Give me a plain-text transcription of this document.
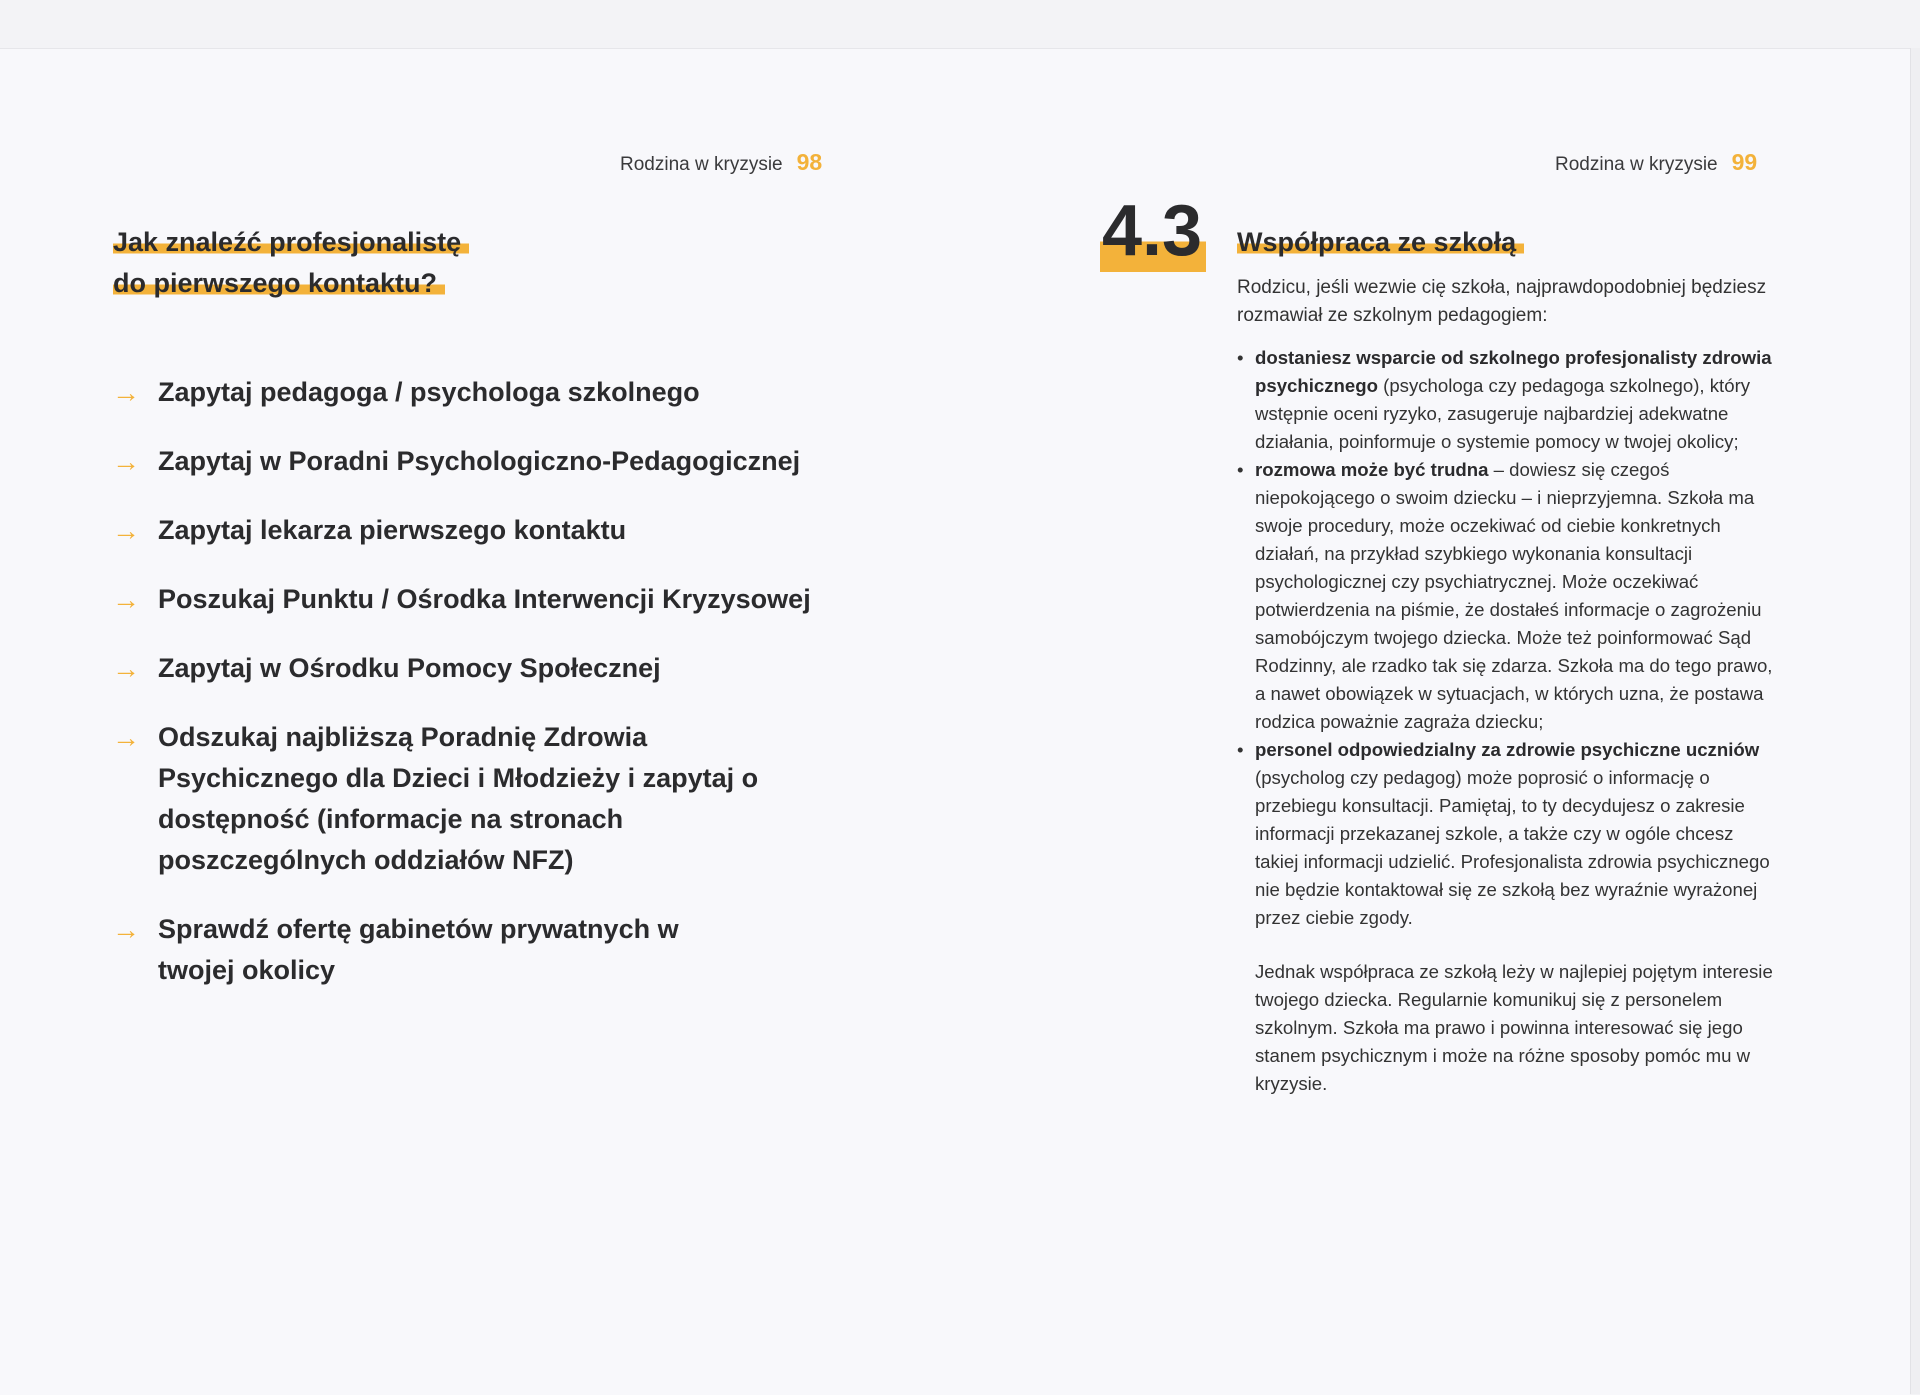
Rodzina w kryzysie 98
Jak znaleźć profesjonalistę
do pierwszego kontaktu?
→ Zapytaj pedagoga / psychologa szkolnego
→ Zapytaj w Poradni Psychologiczno-Pedagogicznej
→ Zapytaj lekarza pierwszego kontaktu
→ Poszukaj Punktu / Ośrodka Interwencji Kryzysowej
→ Zapytaj w Ośrodku Pomocy Społecznej
→ Odszukaj najbliższą Poradnię Zdrowia Psychicznego dla Dzieci i Młodzieży i zapytaj o dostępność (informacje na stronach poszczególnych oddziałów NFZ)
→ Sprawdź ofertę gabinetów prywatnych w twojej okolicy
Rodzina w kryzysie 99
4.3 Współpraca ze szkołą
Rodzicu, jeśli wezwie cię szkoła, najprawdopodobniej będziesz rozmawiał ze szkolnym pedagogiem:
• dostaniesz wsparcie od szkolnego profesjonalisty zdrowia psychicznego (psychologa czy pedagoga szkolnego), który wstępnie oceni ryzyko, zasugeruje najbardziej adekwatne działania, poinformuje o systemie pomocy w twojej okolicy;
• rozmowa może być trudna – dowiesz się czegoś niepokojącego o swoim dziecku – i nieprzyjemna. Szkoła ma swoje procedury, może oczekiwać od ciebie konkretnych działań, na przykład szybkiego wykonania konsultacji psychologicznej czy psychiatrycznej. Może oczekiwać potwierdzenia na piśmie, że dostałeś informacje o zagrożeniu samobójczym twojego dziecka. Może też poinformować Sąd Rodzinny, ale rzadko tak się zdarza. Szkoła ma do tego prawo, a nawet obowiązek w sytuacjach, w których uzna, że postawa rodzica poważnie zagraża dziecku;
• personel odpowiedzialny za zdrowie psychiczne uczniów (psycholog czy pedagog) może poprosić o informację o przebiegu konsultacji. Pamiętaj, to ty decydujesz o zakresie informacji przekazanej szkole, a także czy w ogóle chcesz takiej informacji udzielić. Profesjonalista zdrowia psychicznego nie będzie kontaktował się ze szkołą bez wyraźnie wyrażonej przez ciebie zgody.
Jednak współpraca ze szkołą leży w najlepiej pojętym interesie twojego dziecka. Regularnie komunikuj się z personelem szkolnym. Szkoła ma prawo i powinna interesować się jego stanem psychicznym i może na różne sposoby pomóc mu w kryzysie.
